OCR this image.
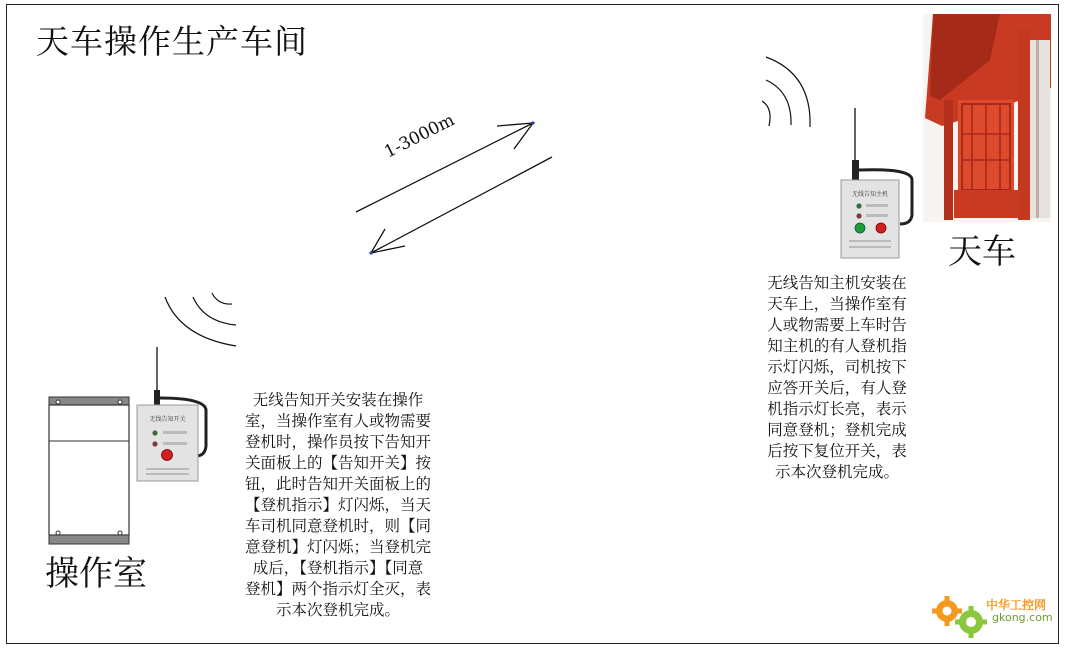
天车操作生产车间
1-3000m
无线告知开关
无线告知主机
操作室
天车
无线告知开关安装在操作
室，当操作室有人或物需要
登机时，操作员按下告知开
关面板上的【告知开关】按
钮，此时告知开关面板上的
【登机指示】灯闪烁，当天
车司机同意登机时，则【同
意登机】灯闪烁；当登机完
成后，【登机指示】【同意
登机】两个指示灯全灭，表
示本次登机完成。
无线告知主机安装在
天车上，当操作室有
人或物需要上车时告
知主机的有人登机指
示灯闪烁，司机按下
应答开关后，有人登
机指示灯长亮，表示
同意登机；登机完成
后按下复位开关，表
示本次登机完成。
中华工控网
gkong.com
